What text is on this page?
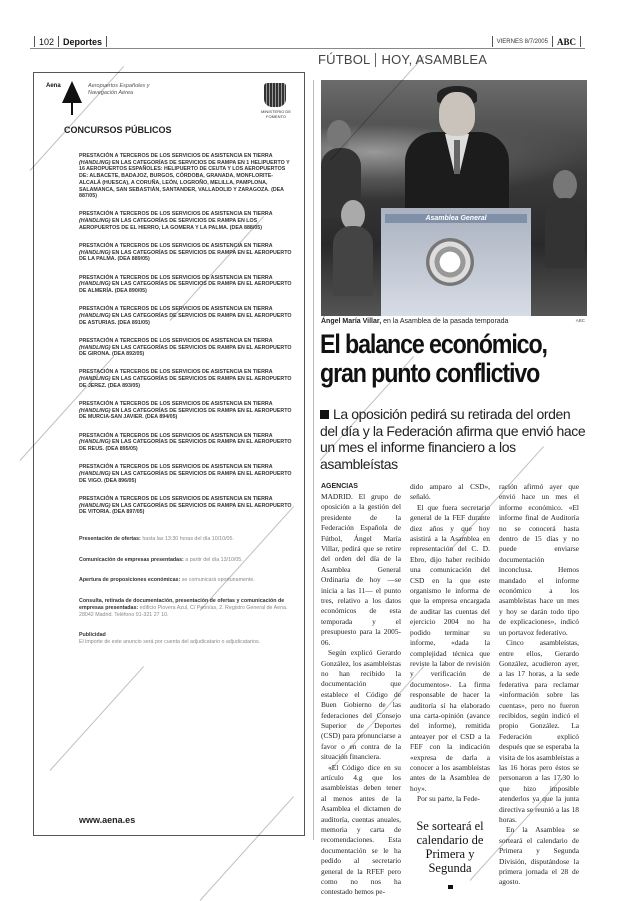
102 Deportes	VIERNES 8/7/2005 ABC
FÚTBOL HOY, ASAMBLEA
Aena	Aeropuertos Españoles y Navegación Aérea
MINISTERIO DE FOMENTO
CONCURSOS PÚBLICOS
PRESTACIÓN A TERCEROS DE LOS SERVICIOS DE ASISTENCIA EN TIERRA (HANDLING) EN LAS CATEGORÍAS DE SERVICIOS DE RAMPA EN 1 HELIPUERTO Y 16 AEROPUERTOS ESPAÑOLES: HELIPUERTO DE CEUTA Y LOS AEROPUERTOS DE: ALBACETE, BADAJOZ, BURGOS, CÓRDOBA, GRANADA, MONFLORITE-ALCALÁ (HUESCA), A CORUÑA, LEÓN, LOGROÑO, MELILLA, PAMPLONA, SALAMANCA, SAN SEBASTIÁN, SANTANDER, VALLADOLID Y ZARAGOZA. (DEA 887/05)
PRESTACIÓN A TERCEROS DE LOS SERVICIOS DE ASISTENCIA EN TIERRA (HANDLING) EN LAS CATEGORÍAS DE SERVICIOS DE RAMPA EN LOS AEROPUERTOS DE EL HIERRO, LA GOMERA Y LA PALMA. (DEA 888/05)
PRESTACIÓN A TERCEROS DE LOS SERVICIOS DE ASISTENCIA EN TIERRA (HANDLING) EN LAS CATEGORÍAS DE SERVICIOS DE RAMPA EN EL AEROPUERTO DE LA PALMA. (DEA 889/05)
PRESTACIÓN A TERCEROS DE LOS SERVICIOS DE ASISTENCIA EN TIERRA (HANDLING) EN LAS CATEGORÍAS DE SERVICIOS DE RAMPA EN EL AEROPUERTO DE ALMERÍA. (DEA 890/05)
PRESTACIÓN A TERCEROS DE LOS SERVICIOS DE ASISTENCIA EN TIERRA (HANDLING) EN LAS CATEGORÍAS DE SERVICIOS DE RAMPA EN EL AEROPUERTO DE ASTURIAS. (DEA 891/05)
PRESTACIÓN A TERCEROS DE LOS SERVICIOS DE ASISTENCIA EN TIERRA (HANDLING) EN LAS CATEGORÍAS DE SERVICIOS DE RAMPA EN EL AEROPUERTO DE GIRONA. (DEA 892/05)
PRESTACIÓN A TERCEROS DE LOS SERVICIOS DE ASISTENCIA EN TIERRA (HANDLING) EN LAS CATEGORÍAS DE SERVICIOS DE RAMPA EN EL AEROPUERTO DE JEREZ. (DEA 893/05)
PRESTACIÓN A TERCEROS DE LOS SERVICIOS DE ASISTENCIA EN TIERRA (HANDLING) EN LAS CATEGORÍAS DE SERVICIOS DE RAMPA EN EL AEROPUERTO DE MURCIA-SAN JAVIER. (DEA 894/05)
PRESTACIÓN A TERCEROS DE LOS SERVICIOS DE ASISTENCIA EN TIERRA (HANDLING) EN LAS CATEGORÍAS DE SERVICIOS DE RAMPA EN EL AEROPUERTO DE REUS. (DEA 895/05)
PRESTACIÓN A TERCEROS DE LOS SERVICIOS DE ASISTENCIA EN TIERRA (HANDLING) EN LAS CATEGORÍAS DE SERVICIOS DE RAMPA EN EL AEROPUERTO DE VIGO. (DEA 896/05)
PRESTACIÓN A TERCEROS DE LOS SERVICIOS DE ASISTENCIA EN TIERRA (HANDLING) EN LAS CATEGORÍAS DE SERVICIOS DE RAMPA EN EL AEROPUERTO DE VITORIA. (DEA 897/05)

Presentación de ofertas: hasta las 13:30 horas del día 10/10/05.

Comunicación de empresas presentadas: a partir del día 13/10/05.

Apertura de proposiciones económicas: se comunicará oportunamente.

Consulta, retirada de documentación, presentación de ofertas y comunicación de empresas presentadas: edificio Piovera Azul, C/ Peonías, 2. Registro General de Aena. 28042 Madrid. Teléfono 91-321 27 10.

Publicidad
El importe de este anuncio será por cuenta del adjudicatario o adjudicatarios.

www.aena.es
Asamblea General
Ángel María Villar, en la Asamblea de la pasada temporada	ABC
El balance económico,
gran punto conflictivo
La oposición pedirá su retirada del orden del día y la Federación afirma que envió hace un mes el informe financiero a los asambleístas
AGENCIAS

MADRID. El grupo de oposición a la gestión del presidente de la Federación Española de Fútbol, Ángel María Villar, pedirá que se retire del orden del día de la Asamblea General Ordinaria de hoy —se inicia a las 11— el punto tres, relativo a los datos económicos de esta temporada y el presupuesto para la 2005-06.

Según explicó Gerardo González, los asambleístas no han recibido la documentación que establece el Código de Buen Gobierno de las federaciones del Consejo Superior de Deportes (CSD) para pronunciarse a favor o en contra de la situación financiera.

«El Código dice en su artículo 4.g que los asambleístas deben tener al menos antes de la Asamblea el dictamen de auditoría, cuentas anuales, memoria y carta de recomendaciones. Esta documentación se le ha pedido al secretario general de la RFEF pero como no nos ha contestado hemos pe-

dido amparo al CSD», señaló.

El que fuera secretario general de la FEF durante diez años y que hoy asistirá a la Asamblea en representación del C. D. Ebro, dijo haber recibido una comunicación del CSD en la que este organismo le informa de que la empresa encargada de auditar las cuentas del ejercicio 2004 no ha podido terminar su informe, «dada la complejidad técnica que reviste la labor de revisión y verificación de documentos». La firma responsable de hacer la auditoría sí ha elaborado una carta-opinión (avance del informe), remitida anteayer por el CSD a la FEF con la indicación «expresa de darla a conocer a los asambleístas antes de la Asamblea de hoy».

Por su parte, la Fede-

Se sorteará el calendario de Primera y Segunda

ración afirmó ayer que envió hace un mes el informe económico. «El informe final de Auditoría no se conocerá hasta dentro de 15 días y no puede enviarse documentación inconclusa. Hemos mandado el informe económico a los asambleístas hace un mes y hoy se darán todo tipo de explicaciones», indicó un portavoz federativo.

Cinco asambleístas, entre ellos, Gerardo González, acudieron ayer, a las 17 horas, a la sede federativa para reclamar «información sobre las cuentas», pero no fueron recibidos, según indicó el propio González. La Federación explicó después que se esperaba la visita de los asambleístas a las 16 horas pero éstos se personaron a las 17.30 lo que hizo imposible atenderlos ya que la junta directiva se reunió a las 18 horas.

En la Asamblea se sorteará el calendario de Primera y Segunda División, disputándose la primera jornada el 28 de agosto.
